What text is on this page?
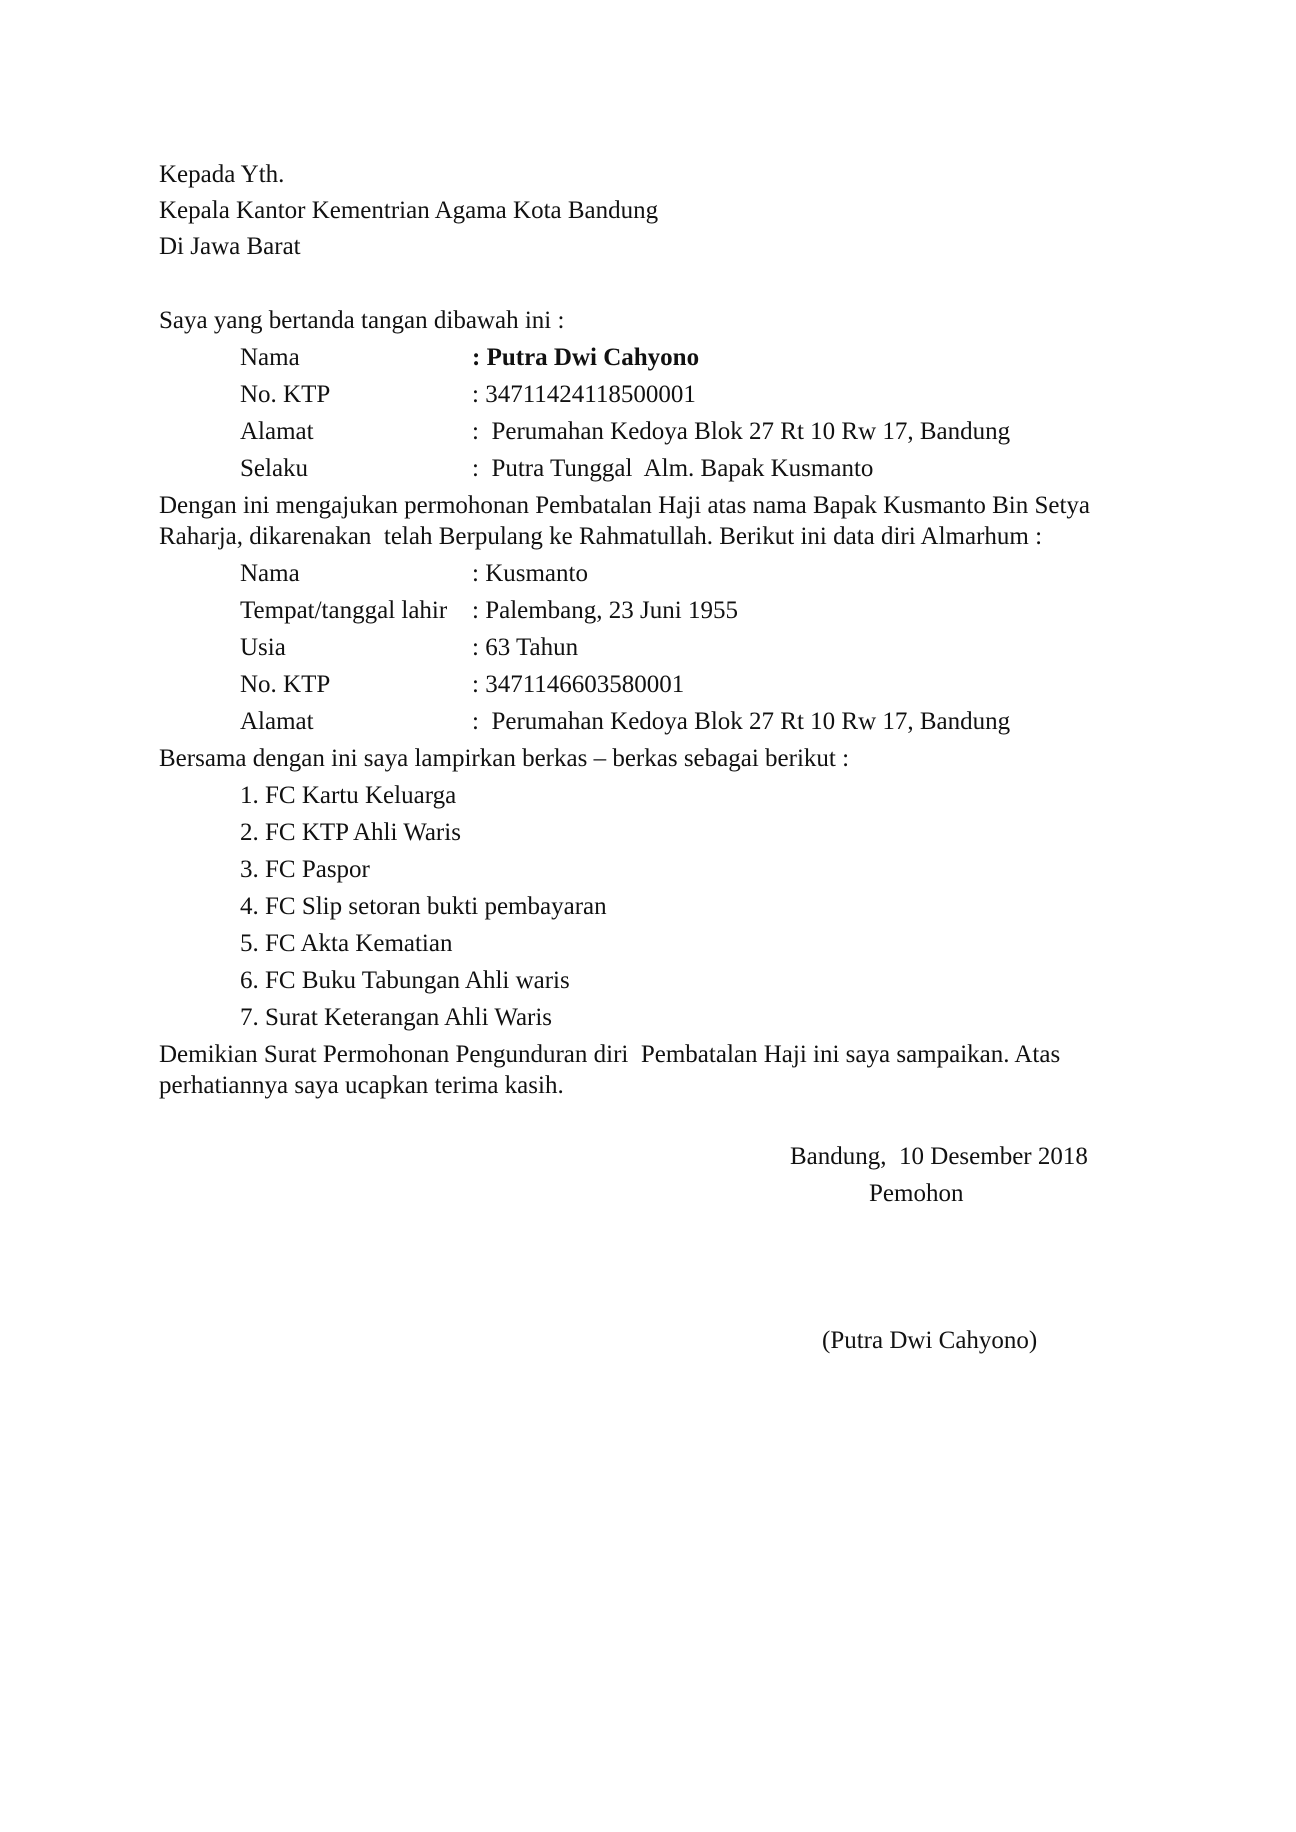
Kepada Yth.
Kepala Kantor Kementrian Agama Kota Bandung
Di Jawa Barat
Saya yang bertanda tangan dibawah ini :
Nama	: Putra Dwi Cahyono
No. KTP	: 34711424118500001
Alamat	:  Perumahan Kedoya Blok 27 Rt 10 Rw 17, Bandung
Selaku	:  Putra Tunggal  Alm. Bapak Kusmanto
Dengan ini mengajukan permohonan Pembatalan Haji atas nama Bapak Kusmanto Bin Setya
Raharja, dikarenakan  telah Berpulang ke Rahmatullah. Berikut ini data diri Almarhum :
Nama	: Kusmanto
Tempat/tanggal lahir : Palembang, 23 Juni 1955
Usia	: 63 Tahun
No. KTP	: 3471146603580001
Alamat	:  Perumahan Kedoya Blok 27 Rt 10 Rw 17, Bandung
Bersama dengan ini saya lampirkan berkas – berkas sebagai berikut :
1. FC Kartu Keluarga
2. FC KTP Ahli Waris
3. FC Paspor
4. FC Slip setoran bukti pembayaran
5. FC Akta Kematian
6. FC Buku Tabungan Ahli waris
7. Surat Keterangan Ahli Waris
Demikian Surat Permohonan Pengunduran diri  Pembatalan Haji ini saya sampaikan. Atas
perhatiannya saya ucapkan terima kasih.
Bandung,  10 Desember 2018
Pemohon
(Putra Dwi Cahyono)
